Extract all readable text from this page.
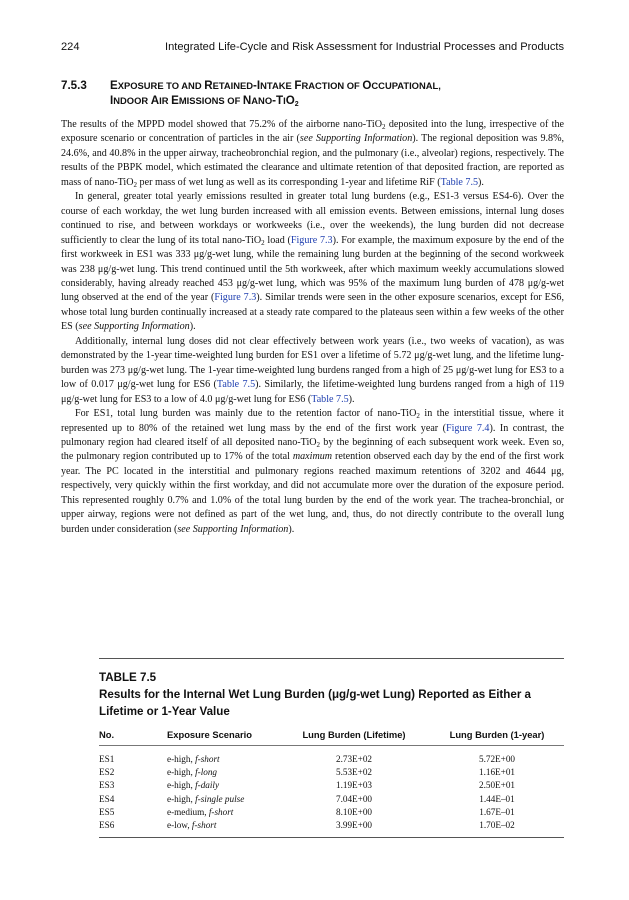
224	Integrated Life-Cycle and Risk Assessment for Industrial Processes and Products
7.5.3 EXPOSURE TO AND RETAINED-INTAKE FRACTION OF OCCUPATIONAL,
INDOOR AIR EMISSIONS OF NANO-$TIO_2$

The results of the MPPD model showed that 75.2% of the airborne nano-TiO$_2$ deposited into the lung, irrespective of the exposure scenario or concentration of particles in the air (see Supporting Information). The regional deposition was 9.8%, 24.6%, and 40.8% in the upper airway, tracheobronchial region, and the pulmonary (i.e., alveolar) regions, respectively. The results of the PBPK model, which estimated the clearance and ultimate retention of that deposited fraction, are reported as mass of nano-TiO$_2$ per mass of wet lung as well as its corresponding 1-year and lifetime RiF (Table 7.5).

In general, greater total yearly emissions resulted in greater total lung burdens (e.g., ES1-3 versus ES4-6). Over the course of each workday, the wet lung burden increased with all emission events. Between emissions, internal lung doses continued to rise, and between workdays or workweeks (i.e., over the weekends), the lung burden did not decrease sufficiently to clear the lung of its total nano-TiO$_2$ load (Figure 7.3). For example, the maximum exposure by the end of the first workweek in ES1 was 333 μg/g-wet lung, while the remaining lung burden at the beginning of the second workweek was 238 μg/g-wet lung. This trend continued until the 5th workweek, after which maximum weekly accumulations slowed considerably, having already reached 453 μg/g-wet lung, which was 95% of the maximum lung burden of 478 μg/g-wet lung observed at the end of the year (Figure 7.3). Similar trends were seen in the other exposure scenarios, except for ES6, whose total lung burden continually increased at a steady rate compared to the plateaus seen within a few weeks of the other ES (see Supporting Information).

Additionally, internal lung doses did not clear effectively between work years (i.e., two weeks of vacation), as was demonstrated by the 1-year time-weighted lung burden for ES1 over a lifetime of 5.72 μg/g-wet lung, and the lifetime lung-burden was 273 μg/g-wet lung. The 1-year time-weighted lung burdens ranged from a high of 25 μg/g-wet lung for ES3 to a low of 0.017 μg/g-wet lung for ES6 (Table 7.5). Similarly, the lifetime-weighted lung burdens ranged from a high of 119 μg/g-wet lung for ES3 to a low of 4.0 μg/g-wet lung for ES6 (Table 7.5).

For ES1, total lung burden was mainly due to the retention factor of nano-TiO$_2$ in the interstitial tissue, where it represented up to 80% of the retained wet lung mass by the end of the first work year (Figure 7.4). In contrast, the pulmonary region had cleared itself of all deposited nano-TiO$_2$ by the beginning of each subsequent work week. Even so, the pulmonary region contributed up to 17% of the total maximum retention observed each day by the end of the first work year. The PC located in the interstitial and pulmonary regions reached maximum retentions of 3202 and 4644 μg, respectively, very quickly within the first workday, and did not accumulate more over the duration of the exposure period. This represented roughly 0.7% and 1.0% of the total lung burden by the end of the work year. The trachea-bronchial, or upper airway, regions were not defined as part of the wet lung, and, thus, do not directly contribute to the overall lung burden under consideration (see Supporting Information).

TABLE 7.5
Results for the Internal Wet Lung Burden (μg/g-wet Lung) Reported as Either a Lifetime or 1-Year Value
No.	Exposure Scenario	Lung Burden (Lifetime)	Lung Burden (1-year)
ES1	e-high, f-short	2.73E+02	5.72E+00
ES2	e-high, f-long	5.53E+02	1.16E+01
ES3	e-high, f-daily	1.19E+03	2.50E+01
ES4	e-high, f-single pulse	7.04E+00	1.44E–01
ES5	e-medium, f-short	8.10E+00	1.67E–01
ES6	e-low, f-short	3.99E+00	1.70E–02
